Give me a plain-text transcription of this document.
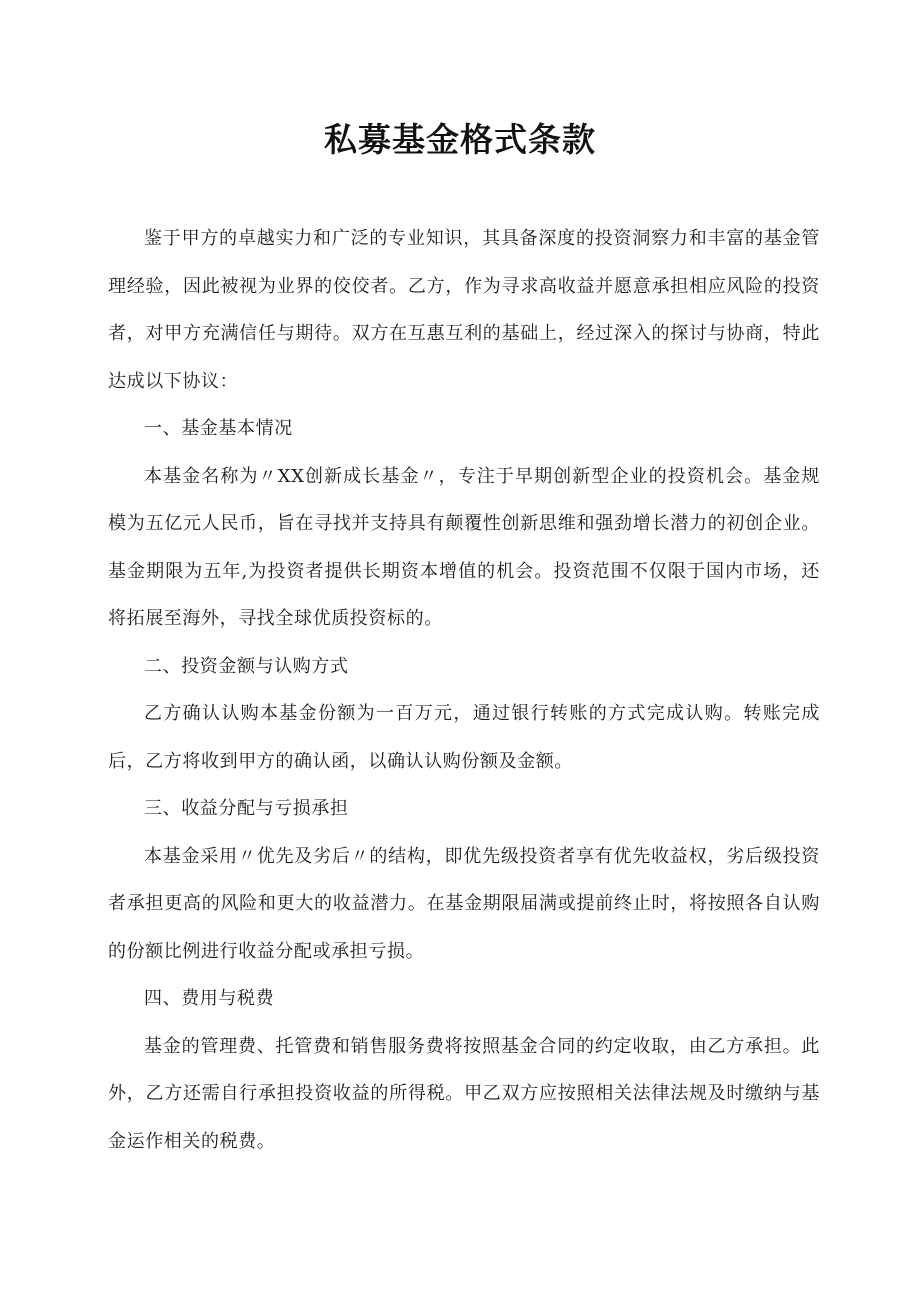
私募基金格式条款

鉴于甲方的卓越实力和广泛的专业知识，其具备深度的投资洞察力和丰富的基金管理经验，因此被视为业界的佼佼者。乙方，作为寻求高收益并愿意承担相应风险的投资者，对甲方充满信任与期待。双方在互惠互利的基础上，经过深入的探讨与协商，特此达成以下协议：

一、基金基本情况

本基金名称为〃XX创新成长基金〃，专注于早期创新型企业的投资机会。基金规模为五亿元人民币，旨在寻找并支持具有颠覆性创新思维和强劲增长潜力的初创企业。基金期限为五年,为投资者提供长期资本增值的机会。投资范围不仅限于国内市场，还将拓展至海外，寻找全球优质投资标的。

二、投资金额与认购方式

乙方确认认购本基金份额为一百万元，通过银行转账的方式完成认购。转账完成后，乙方将收到甲方的确认函，以确认认购份额及金额。

三、收益分配与亏损承担

本基金采用〃优先及劣后〃的结构，即优先级投资者享有优先收益权，劣后级投资者承担更高的风险和更大的收益潜力。在基金期限届满或提前终止时，将按照各自认购的份额比例进行收益分配或承担亏损。

四、费用与税费

基金的管理费、托管费和销售服务费将按照基金合同的约定收取，由乙方承担。此外，乙方还需自行承担投资收益的所得税。甲乙双方应按照相关法律法规及时缴纳与基金运作相关的税费。
